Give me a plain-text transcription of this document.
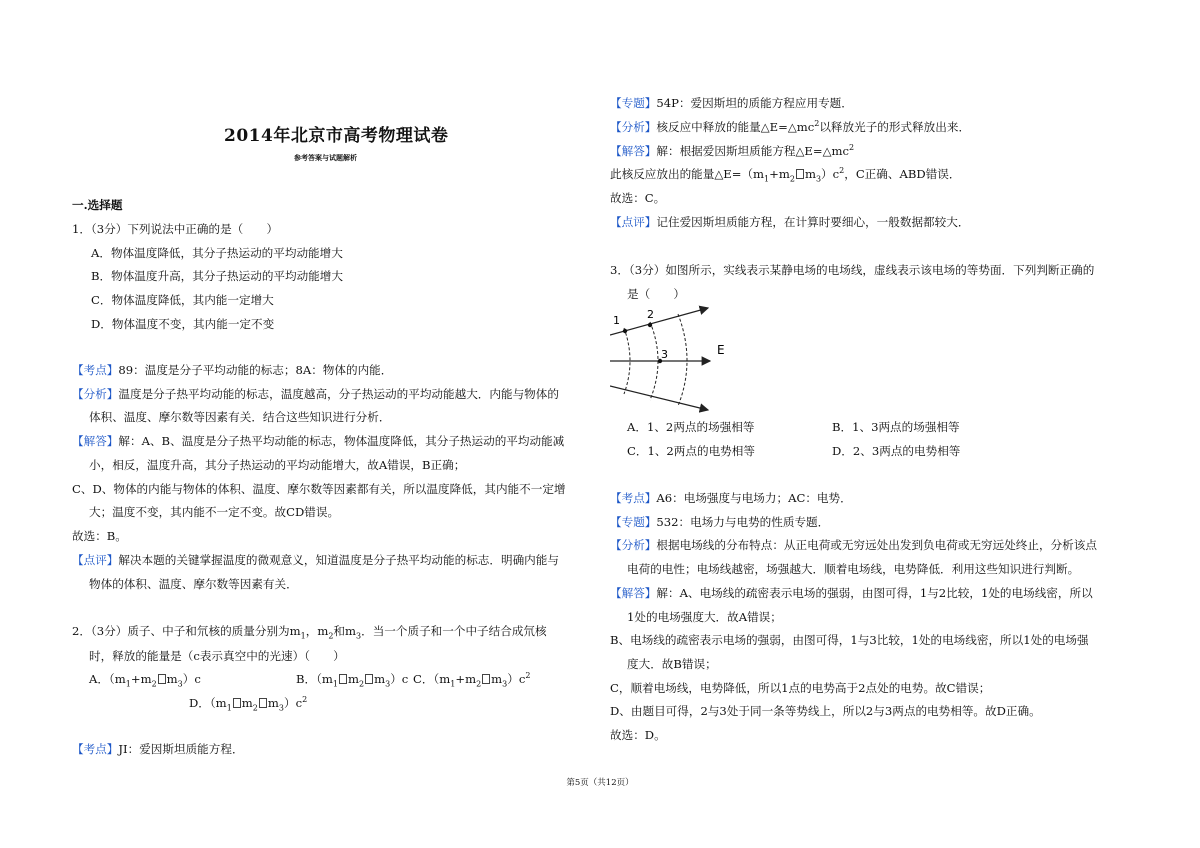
2014年北京市高考物理试卷
参考答案与试题解析
一.选择题
1．（3分）下列说法中正确的是（　　）
A．物体温度降低，其分子热运动的平均动能增大
B．物体温度升高，其分子热运动的平均动能增大
C．物体温度降低，其内能一定增大
D．物体温度不变，其内能一定不变
【考点】89：温度是分子平均动能的标志；8A：物体的内能．
【分析】温度是分子热平均动能的标志，温度越高，分子热运动的平均动能越大．内能与物体的
体积、温度、摩尔数等因素有关．结合这些知识进行分析．
【解答】解：A、B、温度是分子热平均动能的标志，物体温度降低，其分子热运动的平均动能减
小，相反，温度升高，其分子热运动的平均动能增大，故A错误，B正确；
C、D、物体的内能与物体的体积、温度、摩尔数等因素都有关，所以温度降低，其内能不一定增
大；温度不变，其内能不一定不变。故CD错误。
故选：B。
【点评】解决本题的关键掌握温度的微观意义，知道温度是分子热平均动能的标志．明确内能与
物体的体积、温度、摩尔数等因素有关．
2．（3分）质子、中子和氘核的质量分别为$m_1$，$m_2$和$m_3$．当一个质子和一个中子结合成氘核
时，释放的能量是（c表示真空中的光速）（　　）
A．（$m_1+m_2$ $m_3)c$	B．（$m_1$ $m_2$ $m_3)c$ C．（$m_1+m_2$ $m_3)c^2$
D．（$m_1$ $m_2$ $m_3)c^2$
【考点】JI：爱因斯坦质能方程．
【专题】54P：爱因斯坦的质能方程应用专题．
【分析】核反应中释放的能量$\triangle E=\triangle mc^2$以释放光子的形式释放出来．
【解答】解：根据爱因斯坦质能方程$\triangle E=\triangle mc^2$
此核反应放出的能量$\triangle E=(m_1+m_2$ $m_3)c^2$，C正确、ABD错误．
故选：C。
【点评】记住爱因斯坦质能方程，在计算时要细心，一般数据都较大．
3．（3分）如图所示，实线表示某静电场的电场线，虚线表示该电场的等势面．下列判断正确的
是（　　）
1 2
3	E
A．1、2两点的场强相等	B．1、3两点的场强相等
C．1、2两点的电势相等	D．2、3两点的电势相等
【考点】A6：电场强度与电场力；AC：电势．
【专题】532：电场力与电势的性质专题．
【分析】根据电场线的分布特点：从正电荷或无穷远处出发到负电荷或无穷远处终止，分析该点
电荷的电性；电场线越密，场强越大．顺着电场线，电势降低．利用这些知识进行判断。
【解答】解：A、电场线的疏密表示电场的强弱，由图可得，1与2比较，1处的电场线密，所以
1处的电场强度大．故A错误；
B、电场线的疏密表示电场的强弱，由图可得，1与3比较，1处的电场线密，所以1处的电场强
度大．故B错误；
C，顺着电场线，电势降低，所以1点的电势高于2点处的电势。故C错误；
D、由题目可得，2与3处于同一条等势线上，所以2与3两点的电势相等。故D正确。
故选：D。
第5页（共12页）
